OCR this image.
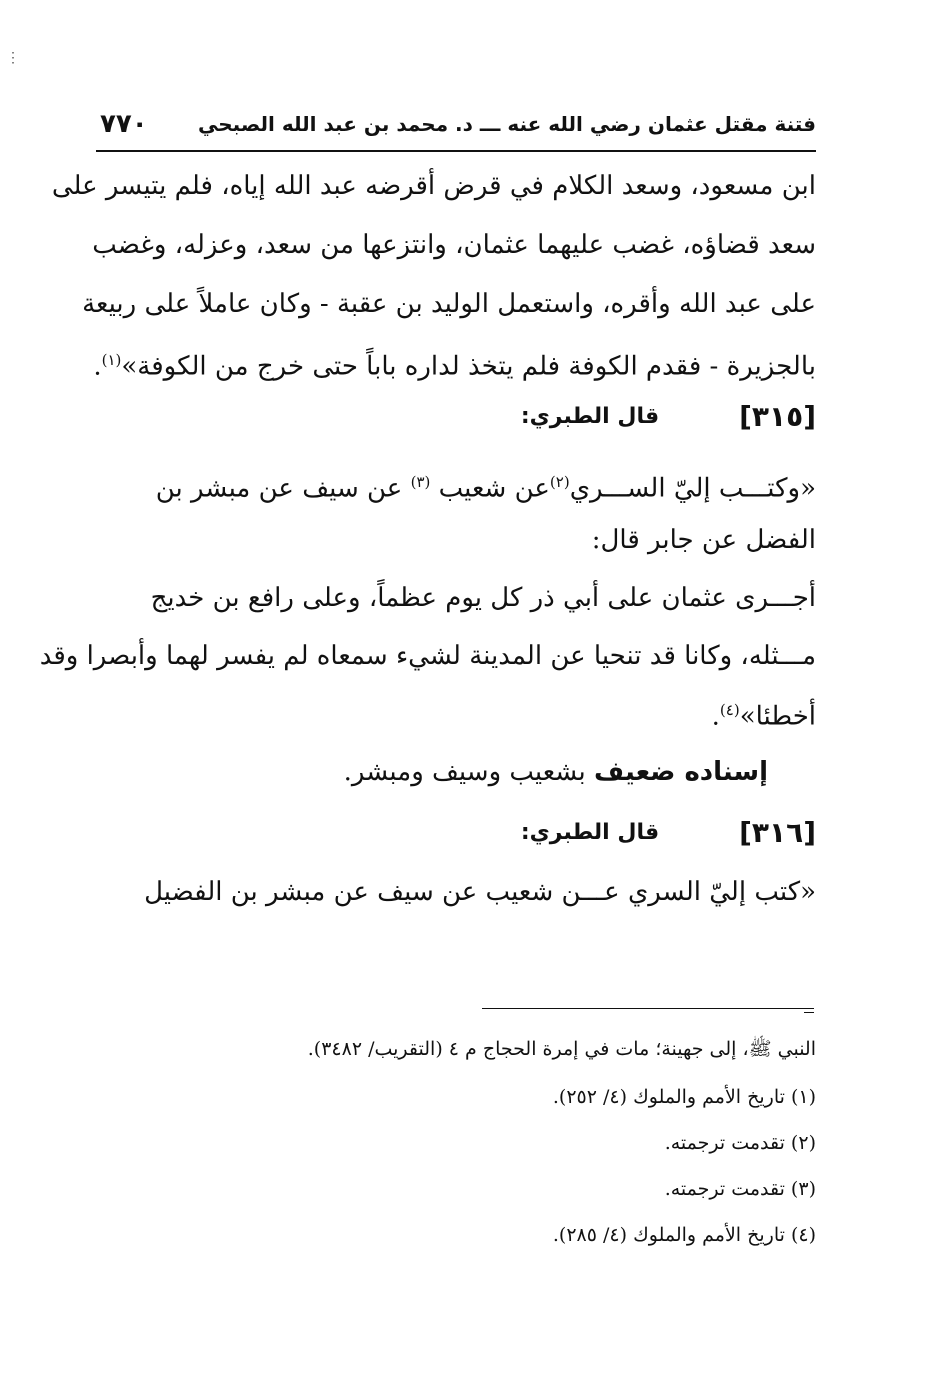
⋮
فتنة مقتل عثمان رضي الله عنه ـــ د. محمد بن عبد الله الصبحي
٧٧٠
ابن مسعود، وسعد الكلام في قرض أقرضه عبد الله إياه، فلم يتيسر على
سعد قضاؤه، غضب عليهما عثمان، وانتزعها من سعد، وعزله، وغضب
على عبد الله وأقره، واستعمل الوليد بن عقبة - وكان عاملاً على ربيعة
بالجزيرة - فقدم الكوفة فلم يتخذ لداره باباً حتى خرج من الكوفة»$^{(١)}$.
[٣١٥]
قال الطبري:
«وكتـــب إليّ الســـري$^{(٢)}$عن شعيب $^{(٣)}$ عن سيف عن مبشر بن
الفضل عن جابر قال:
أجـــرى عثمان على أبي ذر كل يوم عظماً، وعلى رافع بن خديج
مـــثله، وكانا قد تنحيا عن المدينة لشيء سمعاه لم يفسر لهما وأبصرا وقد
أخطئا»$^{(٤)}$.
إسناده ضعيف بشعيب وسيف ومبشر.
[٣١٦]
قال الطبري:
«كتب إليّ السري عـــن شعيب عن سيف عن مبشر بن الفضيل
النبي ﷺ، إلى جهينة؛ مات في إمرة الحجاج م ٤ (التقريب/ ٣٤٨٢).
(١) تاريخ الأمم والملوك (٤/ ٢٥٢).
(٢) تقدمت ترجمته.
(٣) تقدمت ترجمته.
(٤) تاريخ الأمم والملوك (٤/ ٢٨٥).
